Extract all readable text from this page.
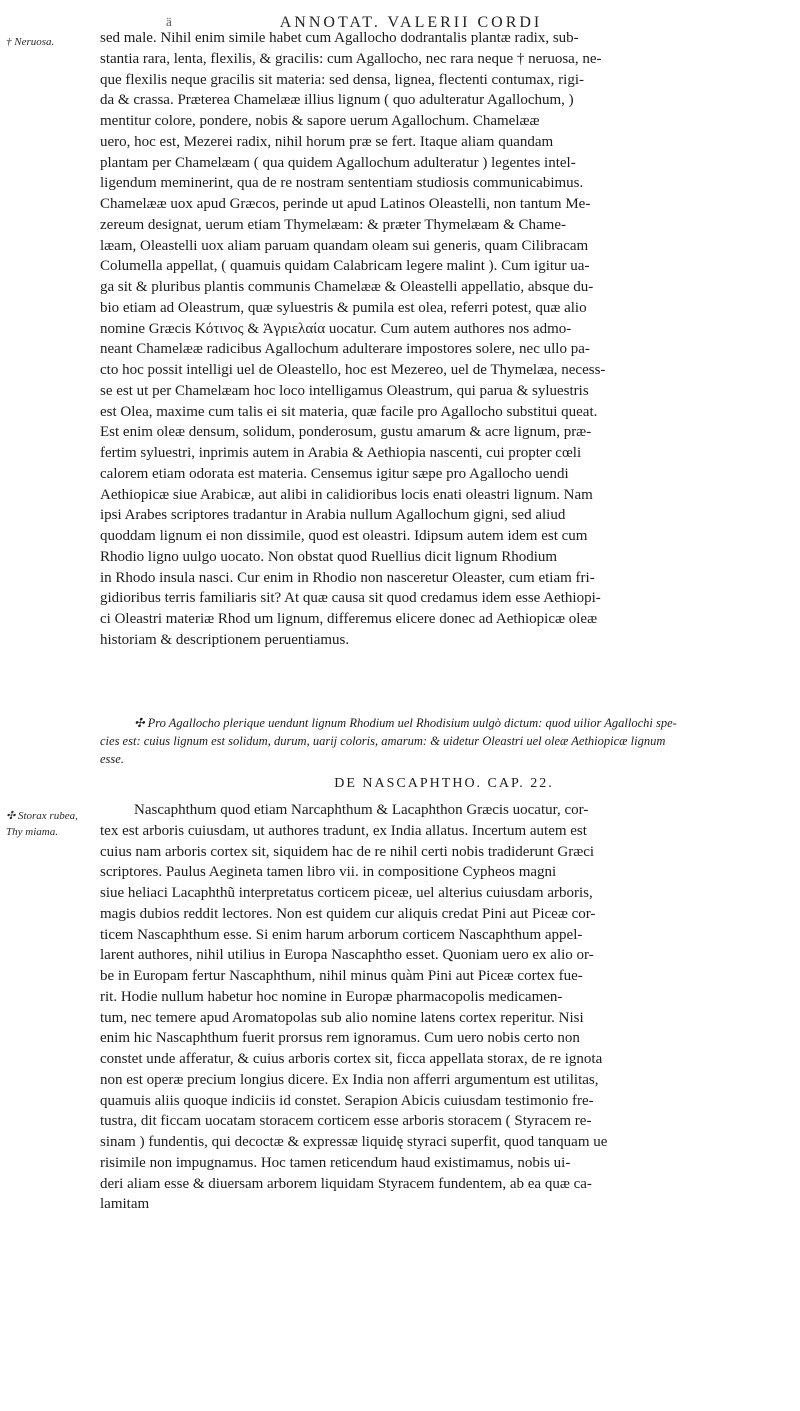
ä	ANNOTAT. VALERII CORDI
† Neruosa.
✣ Storax rubea, Thy miama.
sed male. Nihil enim simile habet cum Agallocho dodrantalis plantæ radix, sub-
stantia rara, lenta, flexilis, & gracilis: cum Agallocho, nec rara neque † neruosa, ne-
que flexilis neque gracilis sit materia: sed densa, lignea, flectenti contumax, rigi-
da & crassa. Præterea Chamelææ illius lignum ( quo adulteratur Agallochum, )
mentitur colore, pondere, nobis & sapore uerum Agallochum. Chamelææ
uero, hoc est, Mezerei radix, nihil horum præ se fert. Itaque aliam quandam
plantam per Chamelæam ( qua quidem Agallochum adulteratur ) legentes intel-
ligendum meminerint, qua de re nostram sententiam studiosis communicabimus.
Chamelææ uox apud Græcos, perinde ut apud Latinos Oleastelli, non tantum Me-
zereum designat, uerum etiam Thymelæam: & præter Thymelæam & Chame-
læam, Oleastelli uox aliam paruam quandam oleam sui generis, quam Cilibracam
Columella appellat, ( quamuis quidam Calabricam legere malint ). Cum igitur ua-
ga sit & pluribus plantis communis Chamelææ & Oleastelli appellatio, absque du-
bio etiam ad Oleastrum, quæ syluestris & pumila est olea, referri potest, quæ alio
nomine Græcis Κότινος & Ἀγριελαία uocatur. Cum autem authores nos admo-
neant Chamelææ radicibus Agallochum adulterare impostores solere, nec ullo pa-
cto hoc possit intelligi uel de Oleastello, hoc est Mezereo, uel de Thymelæa, necess-
se est ut per Chamelæam hoc loco intelligamus Oleastrum, qui parua & syluestris
est Olea, maxime cum talis ei sit materia, quæ facile pro Agallocho substitui queat.
Est enim oleæ densum, solidum, ponderosum, gustu amarum & acre lignum, præ-
fertim syluestri, inprimis autem in Arabia & Aethiopia nascenti, cui propter cœli
calorem etiam odorata est materia. Censemus igitur sæpe pro Agallocho uendi
Aethiopicæ siue Arabicæ, aut alibi in calidioribus locis enati oleastri lignum. Nam
ipsi Arabes scriptores tradantur in Arabia nullum Agallochum gigni, sed aliud
quoddam lignum ei non dissimile, quod est oleastri. Idipsum autem idem est cum
Rhodio ligno uulgo uocato. Non obstat quod Ruellius dicit lignum Rhodium
in Rhodo insula nasci. Cur enim in Rhodio non nasceretur Oleaster, cum etiam fri-
gidioribus terris familiaris sit? At quæ causa sit quod credamus idem esse Aethiopi-
ci Oleastri materiæ Rhod um lignum, differemus elicere donec ad Aethiopicæ oleæ
historiam & descriptionem peruentiamus.
✣ Pro Agallocho plerique uendunt lignum Rhodium uel Rhodisium uulgò dictum: quod uilior Agallochi spe-
cies est: cuius lignum est solidum, durum, uarij coloris, amarum: & uidetur Oleastri uel oleæ Aethiopicæ lignum
esse.
DE NASCAPHTHO. CAP. 22.
Nascaphthum quod etiam Narcaphthum & Lacaphthon Græcis uocatur, cor-
tex est arboris cuiusdam, ut authores tradunt, ex India allatus. Incertum autem est
cuius nam arboris cortex sit, siquidem hac de re nihil certi nobis tradiderunt Græci
scriptores. Paulus Aegineta tamen libro vii. in compositione Cypheos magni
siue heliaci Lacaphthũ interpretatus corticem piceæ, uel alterius cuiusdam arboris,
magis dubios reddit lectores. Non est quidem cur aliquis credat Pini aut Piceæ cor-
ticem Nascaphthum esse. Si enim harum arborum corticem Nascaphthum appel-
larent authores, nihil utilius in Europa Nascaphtho esset. Quoniam uero ex alio or-
be in Europam fertur Nascaphthum, nihil minus quàm Pini aut Piceæ cortex fue-
rit. Hodie nullum habetur hoc nomine in Europæ pharmacopolis medicamen-
tum, nec temere apud Aromatopolas sub alio nomine latens cortex reperitur. Nisi
enim hic Nascaphthum fuerit prorsus rem ignoramus. Cum uero nobis certo non
constet unde afferatur, & cuius arboris cortex sit, ficca appellata storax, de re ignota
non est operæ precium longius dicere. Ex India non afferri argumentum est utilitas,
quamuis aliis quoque indiciis id constet. Serapion Abicis cuiusdam testimonio fre-
tustra, dit ficcam uocatam storacem corticem esse arboris storacem ( Styracem re-
sinam ) fundentis, qui decoctæ & expressæ liquidę styraci superfit, quod tanquam ue
risimile non impugnamus. Hoc tamen reticendum haud existimamus, nobis ui-
deri aliam esse & diuersam arborem liquidam Styracem fundentem, ab ea quæ ca-
lamitam
